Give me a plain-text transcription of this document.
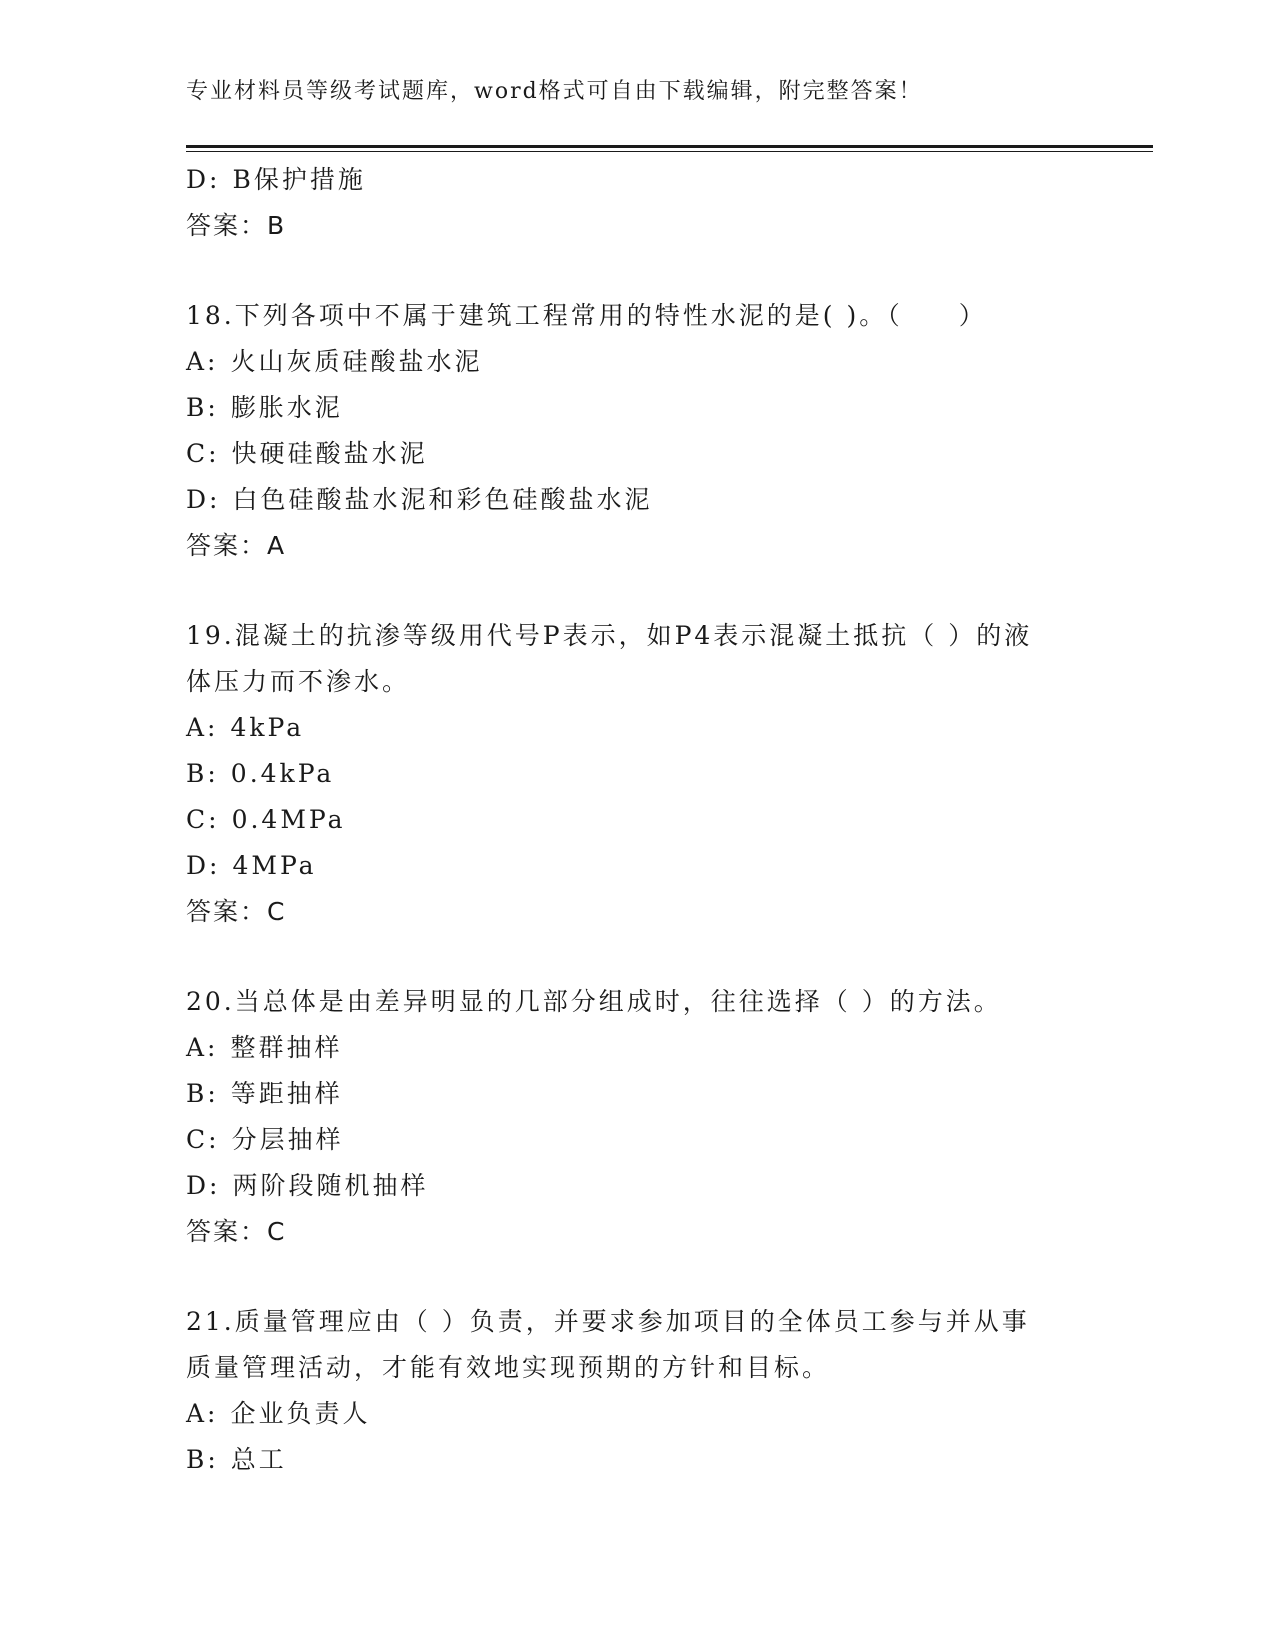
专业材料员等级考试题库，word格式可自由下载编辑，附完整答案！
D: B保护措施
答案：B
18.下列各项中不属于建筑工程常用的特性水泥的是( )。（　　）
A: 火山灰质硅酸盐水泥
B: 膨胀水泥
C: 快硬硅酸盐水泥
D: 白色硅酸盐水泥和彩色硅酸盐水泥
答案：A
19.混凝土的抗渗等级用代号P表示，如P4表示混凝土抵抗（ ）的液
体压力而不渗水。
A: 4kPa
B: 0.4kPa
C: 0.4MPa
D: 4MPa
答案：C
20.当总体是由差异明显的几部分组成时，往往选择（ ）的方法。
A: 整群抽样
B: 等距抽样
C: 分层抽样
D: 两阶段随机抽样
答案：C
21.质量管理应由（ ）负责，并要求参加项目的全体员工参与并从事
质量管理活动，才能有效地实现预期的方针和目标。
A: 企业负责人
B: 总工
